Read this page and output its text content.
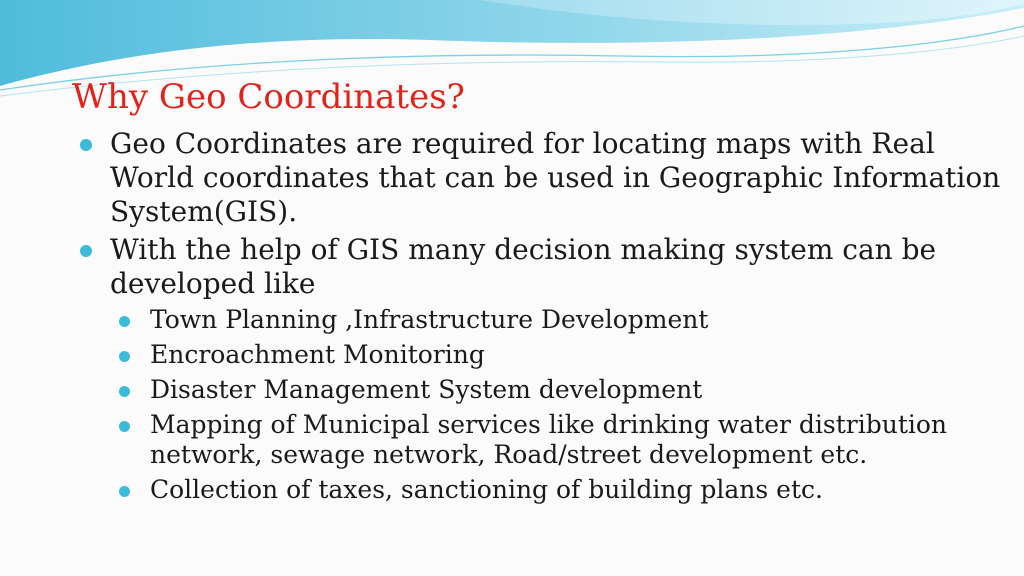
Why Geo Coordinates?
Geo Coordinates are required for locating maps with Real World coordinates that can be used in Geographic Information System(GIS).
With the help of GIS many decision making system can be developed like
Town Planning ,Infrastructure Development
Encroachment Monitoring
Disaster Management System development
Mapping of Municipal services like drinking water distribution network, sewage network, Road/street development etc.
Collection of taxes, sanctioning of building plans etc.
